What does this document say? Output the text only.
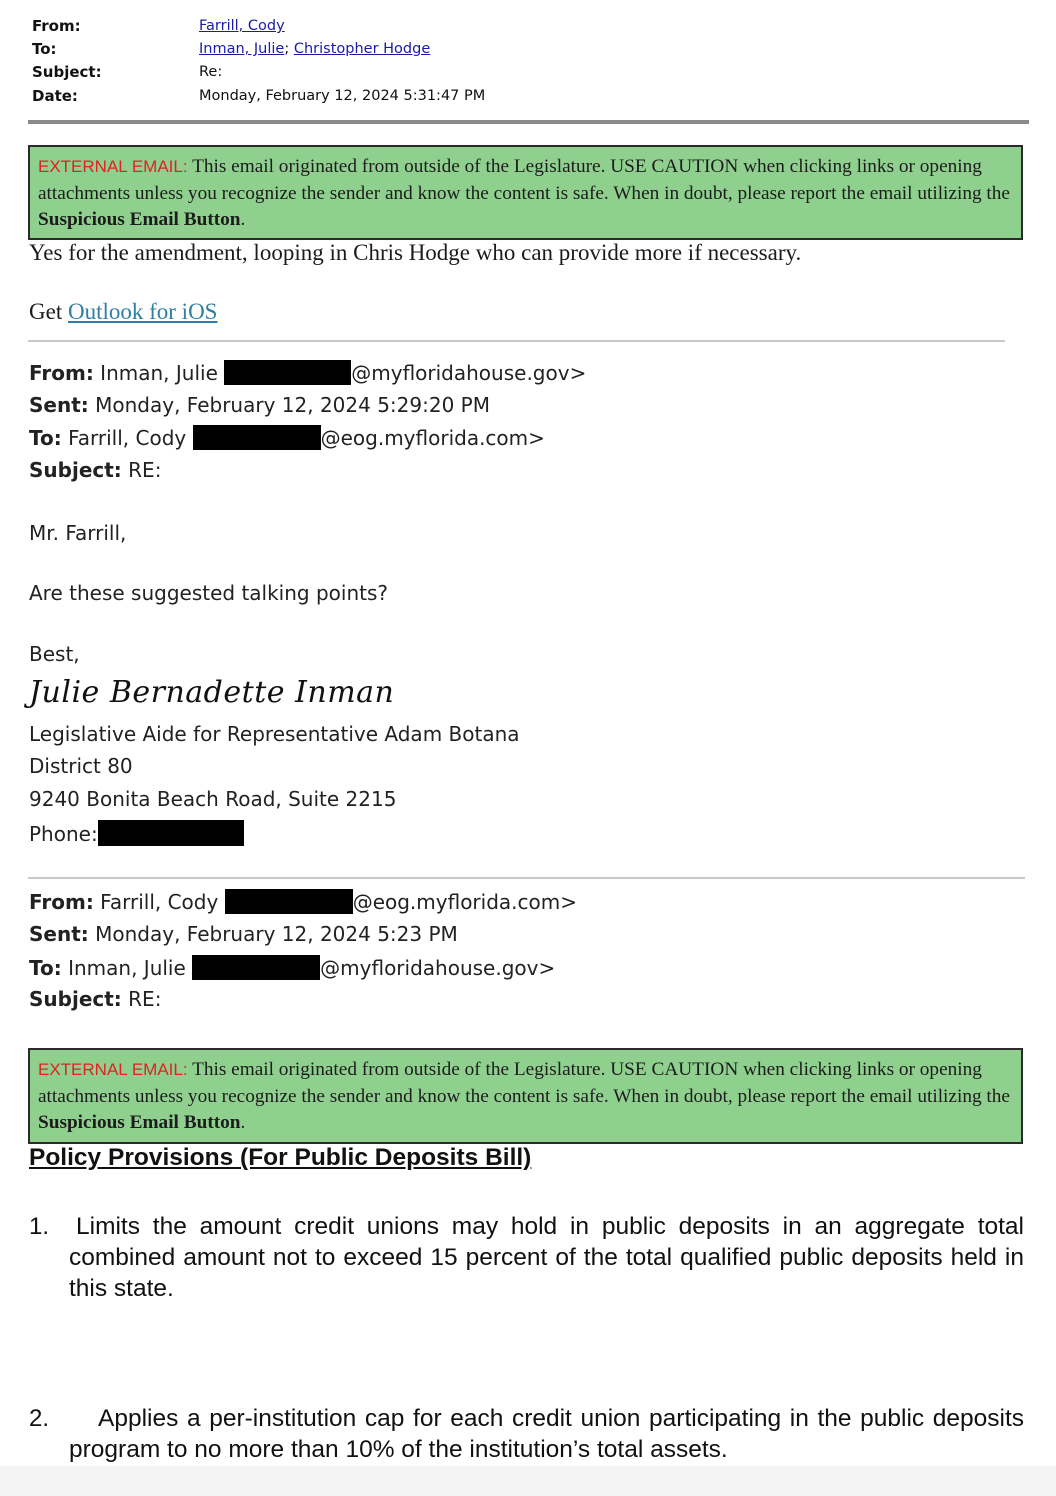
From:	Farrill, Cody
To:	Inman, Julie; Christopher Hodge
Subject:	Re:
Date:	Monday, February 12, 2024 5:31:47 PM
EXTERNAL EMAIL: This email originated from outside of the Legislature. USE CAUTION when clicking links or opening attachments unless you recognize the sender and know the content is safe. When in doubt, please report the email utilizing the Suspicious Email Button.
Yes for the amendment, looping in Chris Hodge who can provide more if necessary.
Get Outlook for iOS
From: Inman, Julie	@myfloridahouse.gov>
Sent: Monday, February 12, 2024 5:29:20 PM
To: Farrill, Cody	@eog.myflorida.com>
Subject: RE:
Mr. Farrill,
Are these suggested talking points?
Best,
Julie Bernadette Inman
Legislative Aide for Representative Adam Botana
District 80
9240 Bonita Beach Road, Suite 2215
Phone:
From: Farrill, Cody	@eog.myflorida.com>
Sent: Monday, February 12, 2024 5:23 PM
To: Inman, Julie	@myfloridahouse.gov>
Subject: RE:
EXTERNAL EMAIL: This email originated from outside of the Legislature. USE CAUTION when clicking links or opening attachments unless you recognize the sender and know the content is safe. When in doubt, please report the email utilizing the Suspicious Email Button.
Policy Provisions (For Public Deposits Bill)
1. Limits the amount credit unions may hold in public deposits in an aggregate total combined amount not to exceed 15 percent of the total qualified public deposits held in this state.
2.	Applies a per-institution cap for each credit union participating in the public deposits program to no more than 10% of the institution’s total assets.
